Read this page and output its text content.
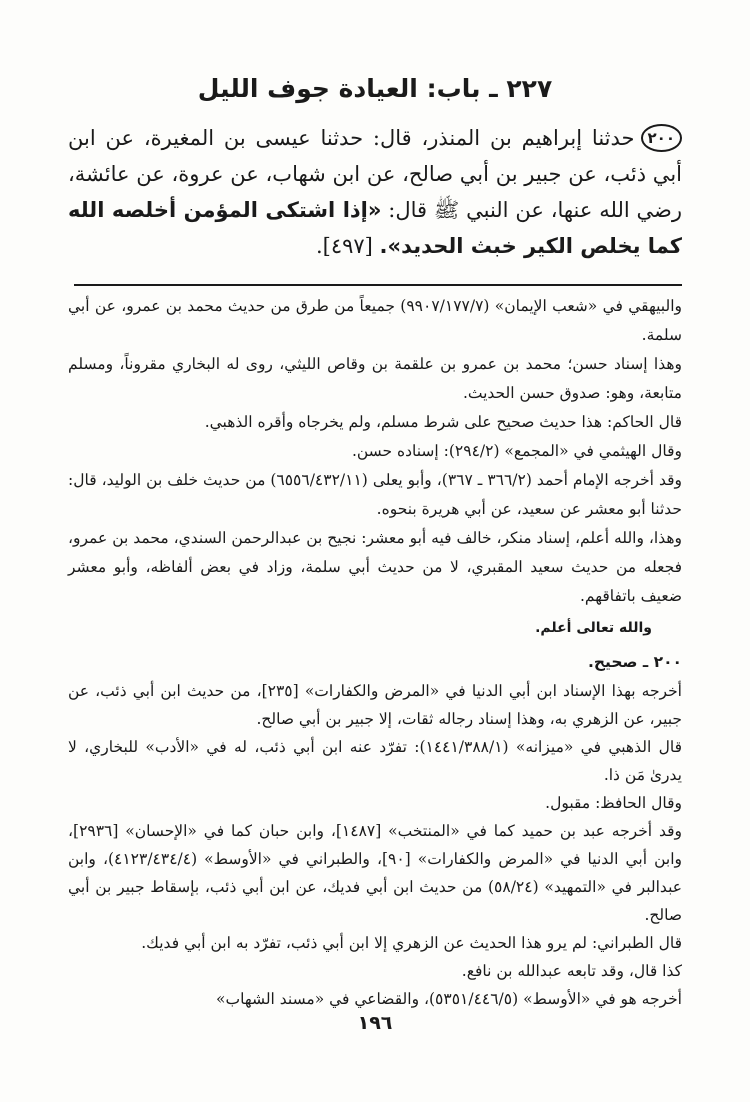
٢٢٧ ـ باب: العيادة جوف الليل

٢٠٠حدثنا إبراهيم بن المنذر، قال: حدثنا عيسى بن المغيرة، عن ابن أبي ذئب، عن جبير بن أبي صالح، عن ابن شهاب، عن عروة، عن عائشة، رضي الله عنها، عن النبي ﷺ قال: «إذا اشتكى المؤمن أخلصه الله كما يخلص الكير خبث الحديد». [٤٩٧].

والبيهقي في «شعب الإيمان» (٩٩٠٧/١٧٧/٧) جميعاً من طرق من حديث محمد بن عمرو، عن أبي سلمة.

وهذا إسناد حسن؛ محمد بن عمرو بن علقمة بن وقاص الليثي، روى له البخاري مقروناً، ومسلم متابعة، وهو: صدوق حسن الحديث.

قال الحاكم: هذا حديث صحيح على شرط مسلم، ولم يخرجاه وأقره الذهبي.

وقال الهيثمي في «المجمع» (٢٩٤/٢): إسناده حسن.

وقد أخرجه الإمام أحمد (٣٦٦/٢ ـ ٣٦٧)، وأبو يعلى (٦٥٥٦/٤٣٢/١١) من حديث خلف بن الوليد، قال: حدثنا أبو معشر عن سعيد، عن أبي هريرة بنحوه.

وهذا، والله أعلم، إسناد منكر، خالف فيه أبو معشر: نجيح بن عبدالرحمن السندي، محمد بن عمرو، فجعله من حديث سعيد المقبري، لا من حديث أبي سلمة، وزاد في بعض ألفاظه، وأبو معشر ضعيف باتفاقهم.

والله تعالى أعلم.

٢٠٠ ـ صحيح.

أخرجه بهذا الإسناد ابن أبي الدنيا في «المرض والكفارات» [٢٣٥]، من حديث ابن أبي ذئب، عن جبير، عن الزهري به، وهذا إسناد رجاله ثقات، إلا جبير بن أبي صالح.

قال الذهبي في «ميزانه» (١٤٤١/٣٨٨/١): تفرّد عنه ابن أبي ذئب، له في «الأدب» للبخاري، لا يدرىٰ مَن ذا.

وقال الحافظ: مقبول.

وقد أخرجه عبد بن حميد كما في «المنتخب» [١٤٨٧]، وابن حبان كما في «الإحسان» [٢٩٣٦]، وابن أبي الدنيا في «المرض والكفارات» [٩٠]، والطبراني في «الأوسط» (٤١٢٣/٤٣٤/٤)، وابن عبدالبر في «التمهيد» (٥٨/٢٤) من حديث ابن أبي فديك، عن ابن أبي ذئب، بإسقاط جبير بن أبي صالح.

قال الطبراني: لم يرو هذا الحديث عن الزهري إلا ابن أبي ذئب، تفرّد به ابن أبي فديك.

كذا قال، وقد تابعه عبدالله بن نافع.

أخرجه هو في «الأوسط» (٥٣٥١/٤٤٦/٥)، والقضاعي في «مسند الشهاب»

١٩٦
